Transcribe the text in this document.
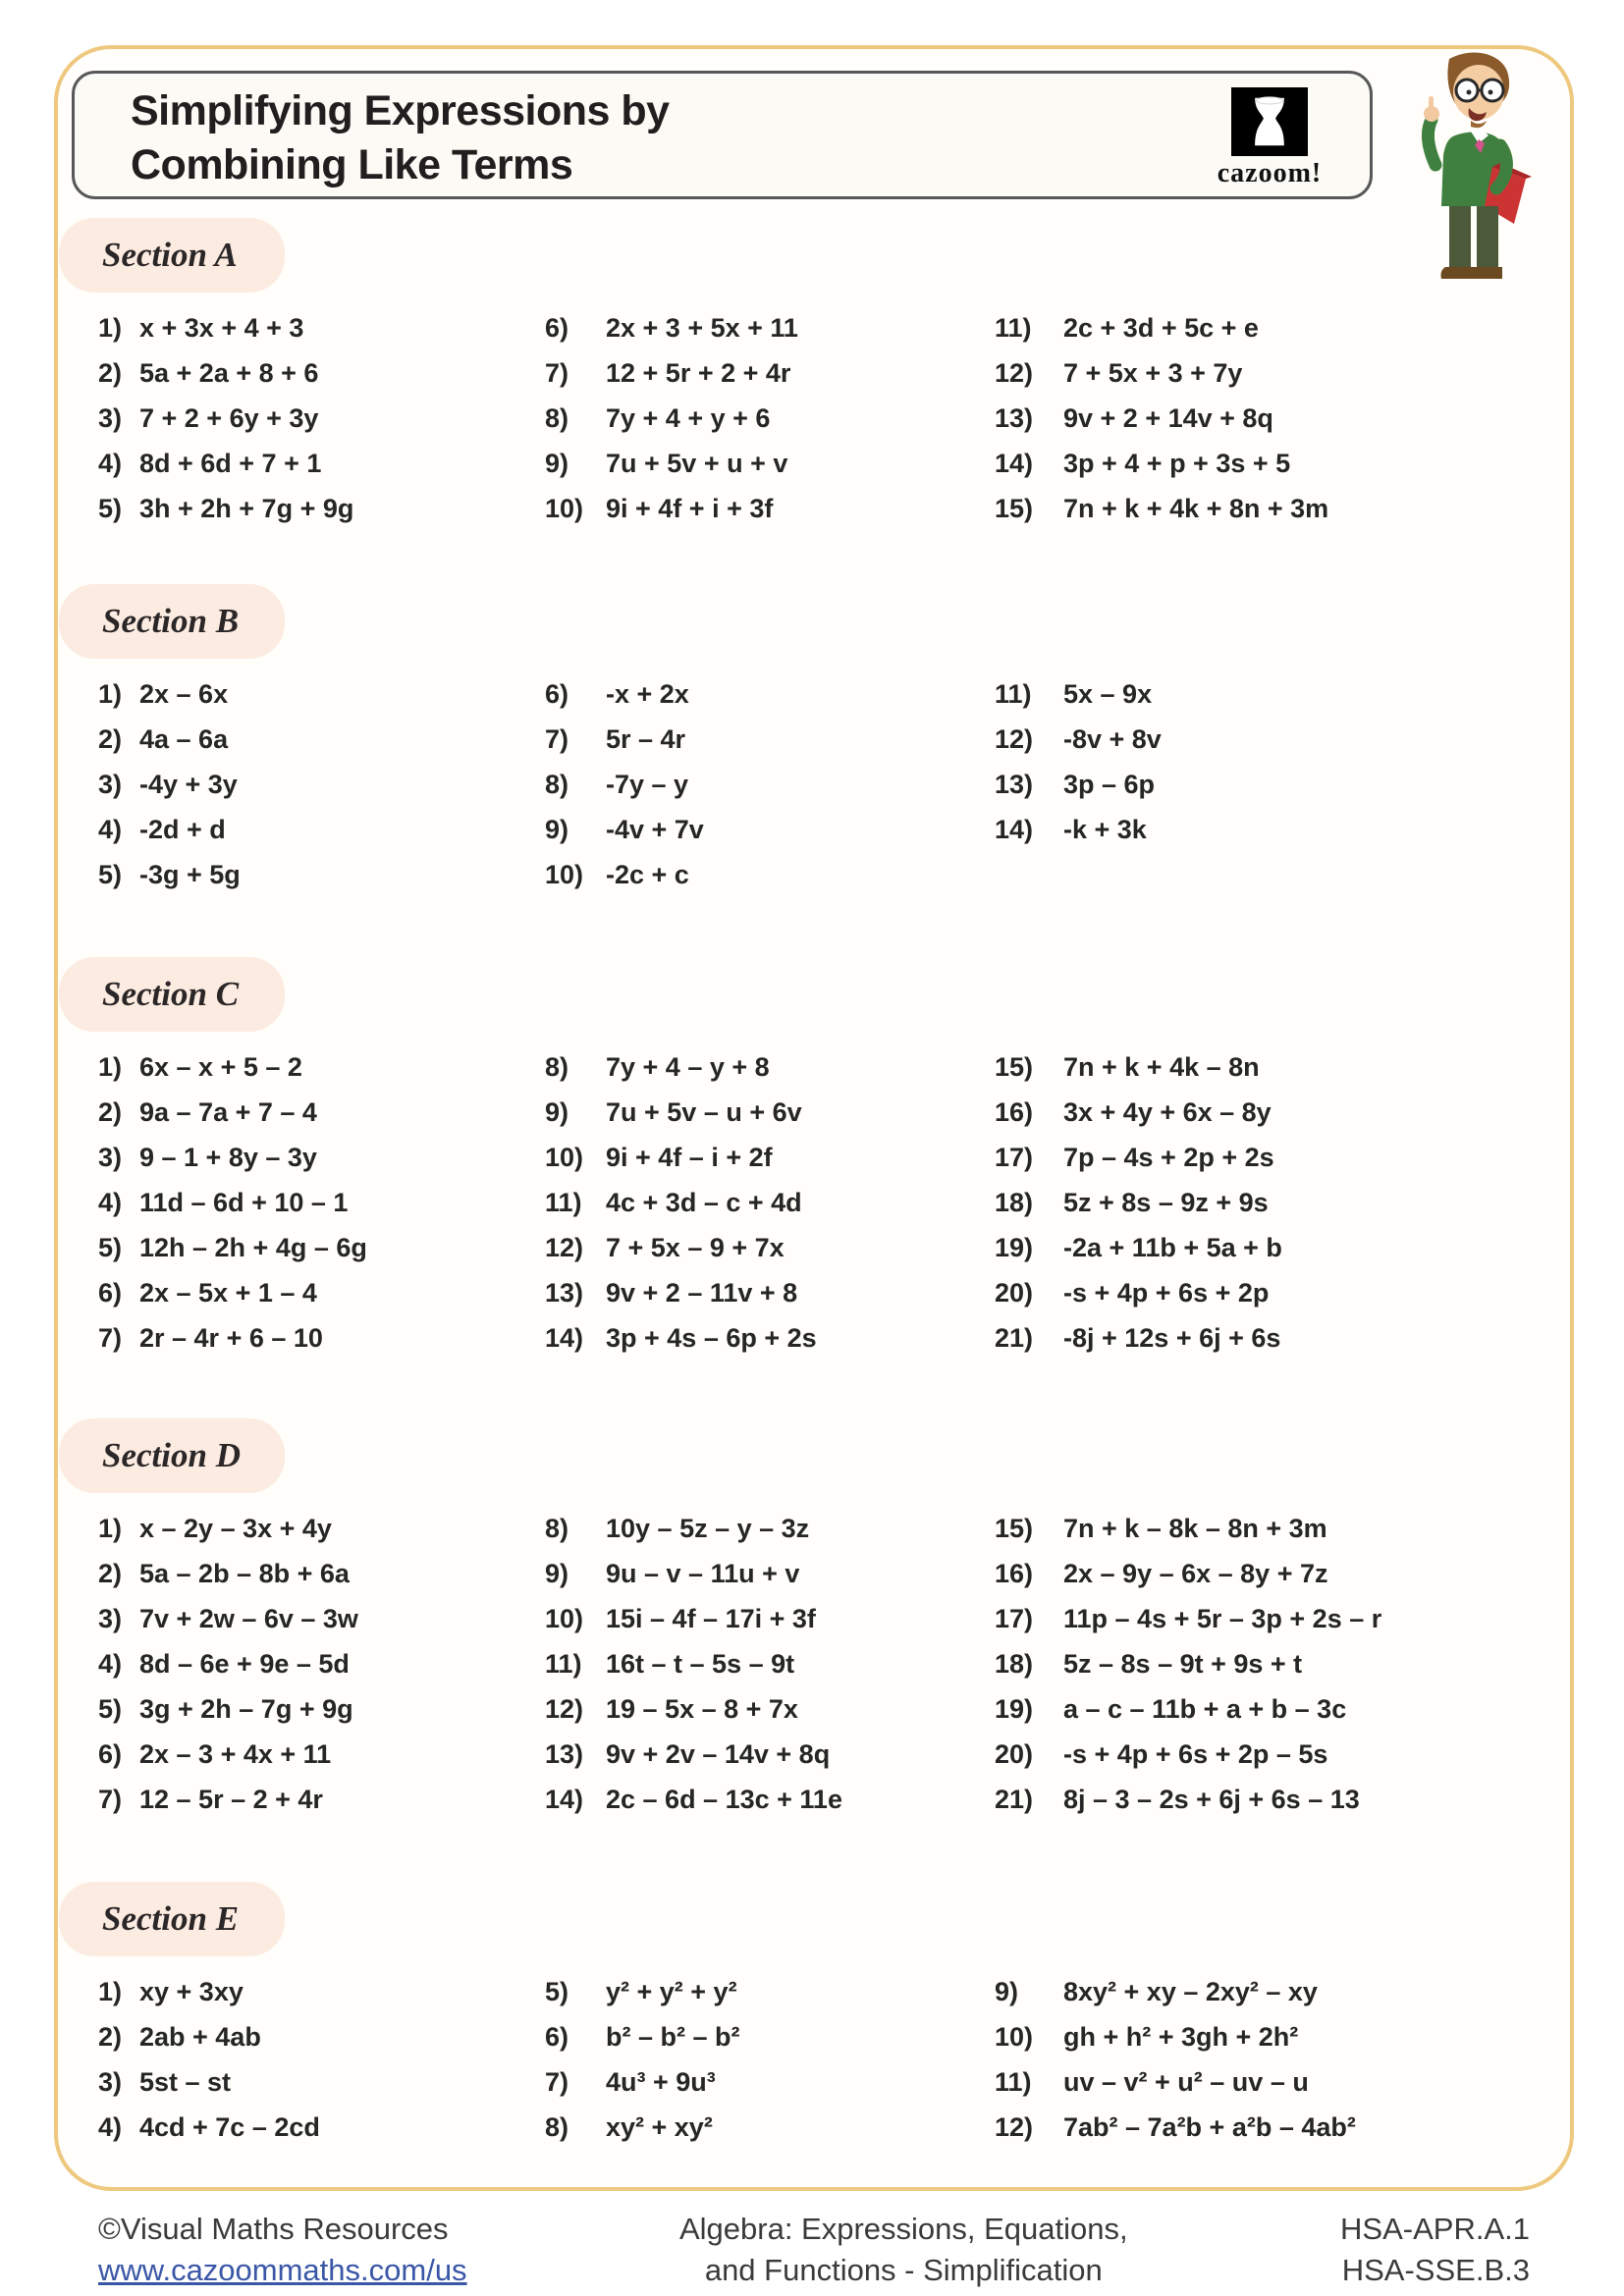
Simplifying Expressions by
Combining Like Terms	cazoom!
Section A
1) x + 3x + 4 + 3
2) 5a + 2a + 8 + 6
3) 7 + 2 + 6y + 3y
4) 8d + 6d + 7 + 1
5) 3h + 2h + 7g + 9g
6)	2x + 3 + 5x + 11
7)	12 + 5r + 2 + 4r
8)	7y + 4 + y + 6
9)	7u + 5v + u + v
10) 9i + 4f + i + 3f
11)	2c + 3d + 5c + e
12)	7 + 5x + 3 + 7y
13)	9v + 2 + 14v + 8q
14)	3p + 4 + p + 3s + 5
15)	7n + k + 4k + 8n + 3m
Section B
1) 2x – 6x
2) 4a – 6a
3) -4y + 3y
4) -2d + d
5) -3g + 5g
6)	-x + 2x
7)	5r – 4r
8)	-7y – y
9)	-4v + 7v
10) -2c + c
11)	5x – 9x
12)	-8v + 8v
13)	3p – 6p
14)	-k + 3k
Section C
1) 6x – x + 5 – 2
2) 9a – 7a + 7 – 4
3) 9 – 1 + 8y – 3y
4) 11d – 6d + 10 – 1
5) 12h – 2h + 4g – 6g
6) 2x – 5x + 1 – 4
7) 2r – 4r + 6 – 10
8)	7y + 4 – y + 8
9)	7u + 5v – u + 6v
10) 9i + 4f – i + 2f
11) 4c + 3d – c + 4d
12) 7 + 5x – 9 + 7x
13) 9v + 2 – 11v + 8
14) 3p + 4s – 6p + 2s
15)	7n + k + 4k – 8n
16)	3x + 4y + 6x – 8y
17)	7p – 4s + 2p + 2s
18)	5z + 8s – 9z + 9s
19)	-2a + 11b + 5a + b
20)	-s + 4p + 6s + 2p
21)	-8j + 12s + 6j + 6s
Section D
1) x – 2y – 3x + 4y
2) 5a – 2b – 8b + 6a
3) 7v + 2w – 6v – 3w
4) 8d – 6e + 9e – 5d
5) 3g + 2h – 7g + 9g
6) 2x – 3 + 4x + 11
7) 12 – 5r – 2 + 4r
8)	10y – 5z – y – 3z
9)	9u – v – 11u + v
10) 15i – 4f – 17i + 3f
11) 16t – t – 5s – 9t
12) 19 – 5x – 8 + 7x
13) 9v + 2v – 14v + 8q
14) 2c – 6d – 13c + 11e
15)	7n + k – 8k – 8n + 3m
16)	2x – 9y – 6x – 8y + 7z
17)	11p – 4s + 5r – 3p + 2s – r
18)	5z – 8s – 9t + 9s + t
19)	a – c – 11b + a + b – 3c
20)	-s + 4p + 6s + 2p – 5s
21)	8j – 3 – 2s + 6j + 6s – 13
Section E
1) xy + 3xy
2) 2ab + 4ab
3) 5st – st
4) 4cd + 7c – 2cd
5)	y² + y² + y²
6)	b² – b² – b²
7)	4u³ + 9u³
8)	xy² + xy²
9)	8xy² + xy – 2xy² – xy
10)	gh + h² + 3gh + 2h²
11)	uv – v² + u² – uv – u
12)	7ab² – 7a²b + a²b – 4ab²
©Visual Maths Resources
www.cazoommaths.com/us
Algebra: Expressions, Equations,
and Functions - Simplification
HSA-APR.A.1
HSA-SSE.B.3
